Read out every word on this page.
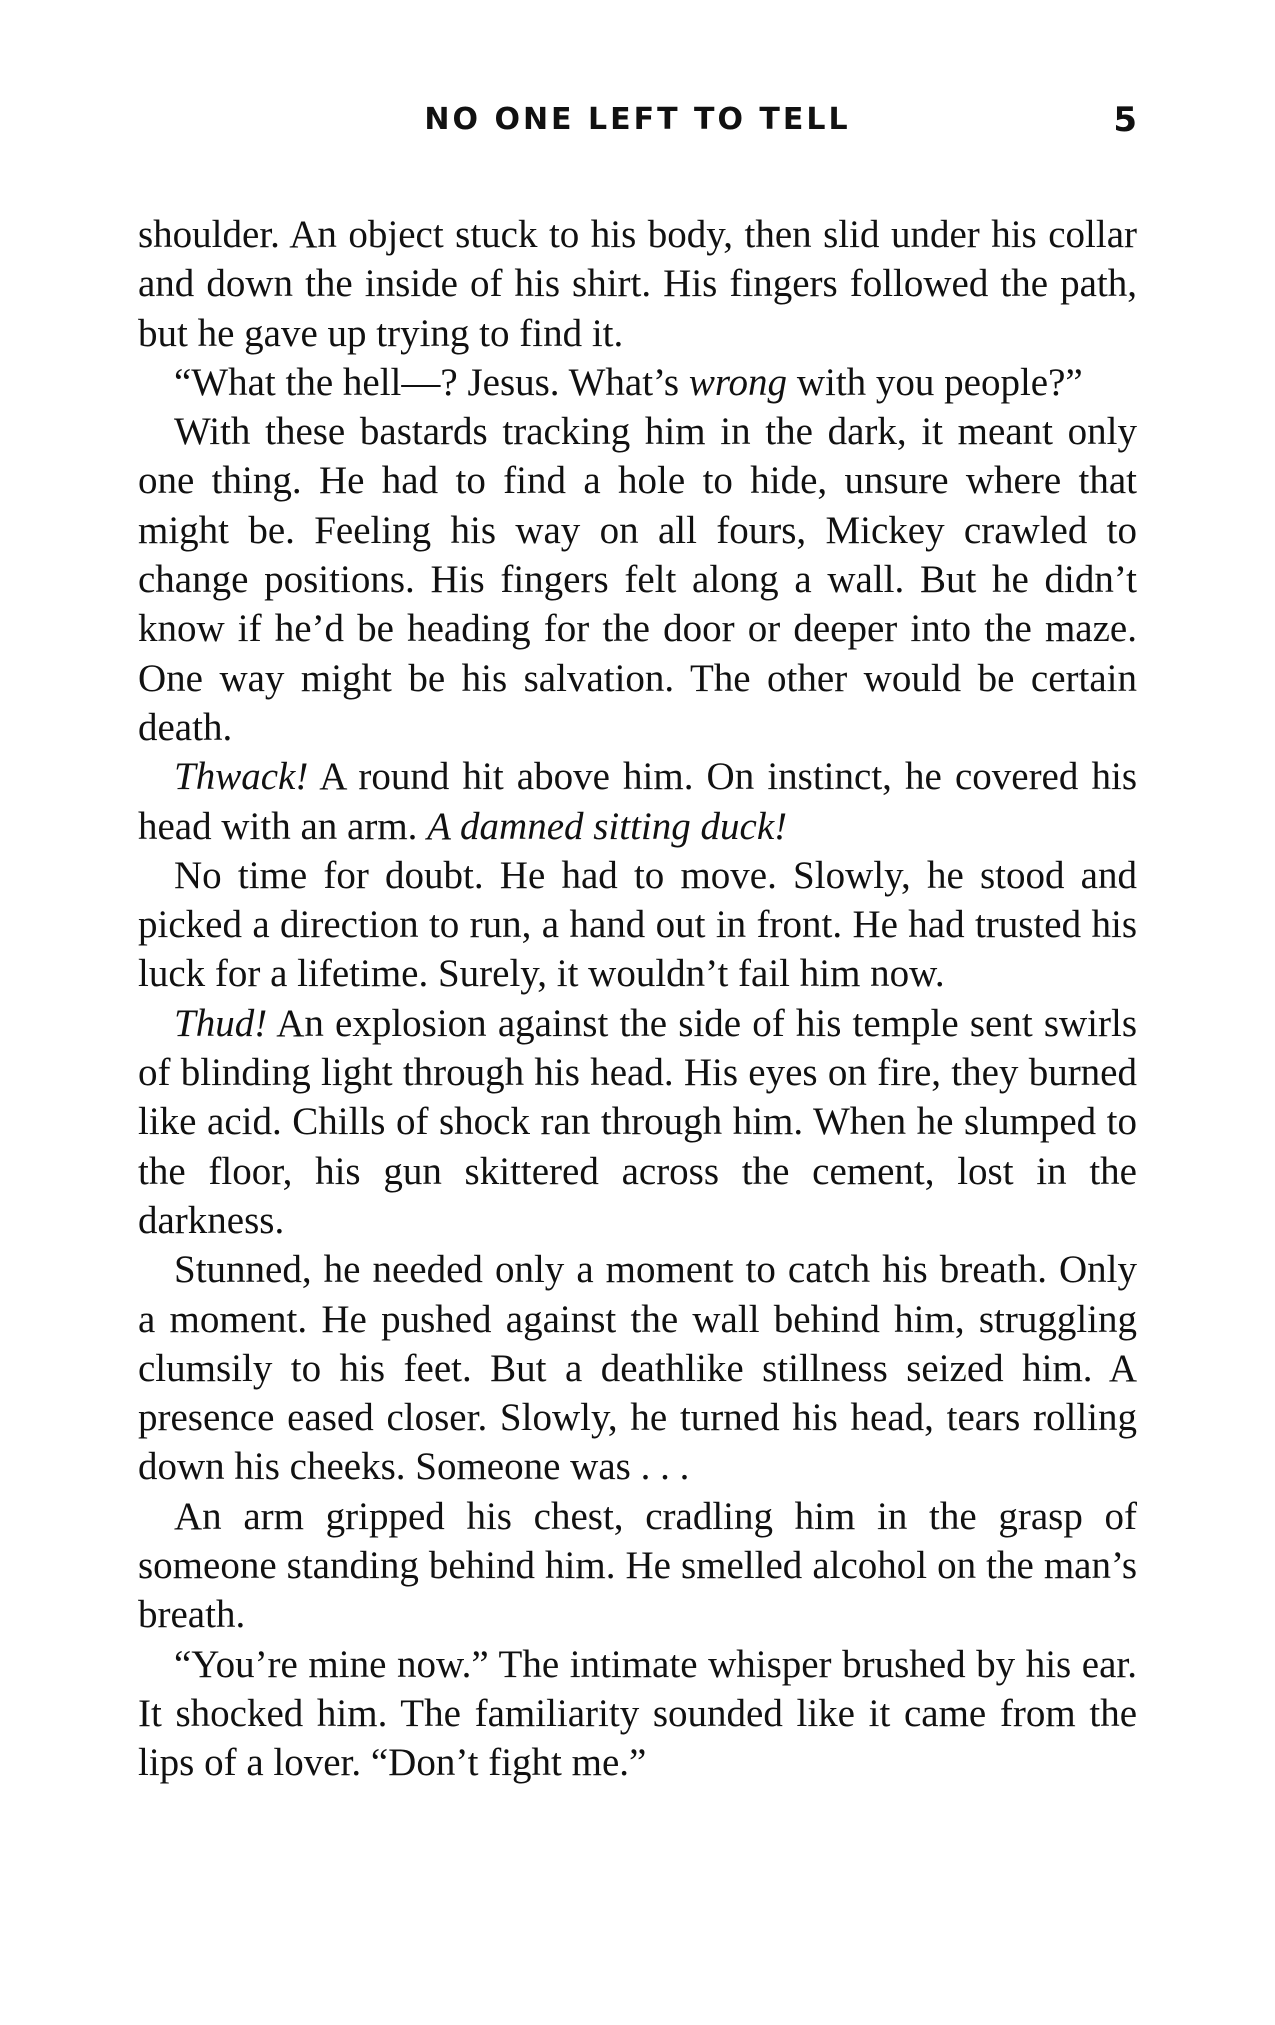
NO ONE LEFT TO TELL	5

shoulder. An object stuck to his body, then slid under his collar and down the inside of his shirt. His fingers followed the path, but he gave up trying to find it.

“What the hell—? Jesus. What’s wrong with you people?”

With these bastards tracking him in the dark, it meant only one thing. He had to find a hole to hide, unsure where that might be. Feeling his way on all fours, Mickey crawled to change positions. His fingers felt along a wall. But he didn’t know if he’d be heading for the door or deeper into the maze. One way might be his salvation. The other would be certain death.

Thwack! A round hit above him. On instinct, he covered his head with an arm. A damned sitting duck!

No time for doubt. He had to move. Slowly, he stood and picked a direction to run, a hand out in front. He had trusted his luck for a lifetime. Surely, it wouldn’t fail him now.

Thud! An explosion against the side of his temple sent swirls of blinding light through his head. His eyes on fire, they burned like acid. Chills of shock ran through him. When he slumped to the floor, his gun skittered across the cement, lost in the darkness.

Stunned, he needed only a moment to catch his breath. Only a moment. He pushed against the wall behind him, struggling clumsily to his feet. But a deathlike stillness seized him. A presence eased closer. Slowly, he turned his head, tears rolling down his cheeks. Someone was . . .

An arm gripped his chest, cradling him in the grasp of someone standing behind him. He smelled alcohol on the man’s breath.

“You’re mine now.” The intimate whisper brushed by his ear. It shocked him. The familiarity sounded like it came from the lips of a lover. “Don’t fight me.”
